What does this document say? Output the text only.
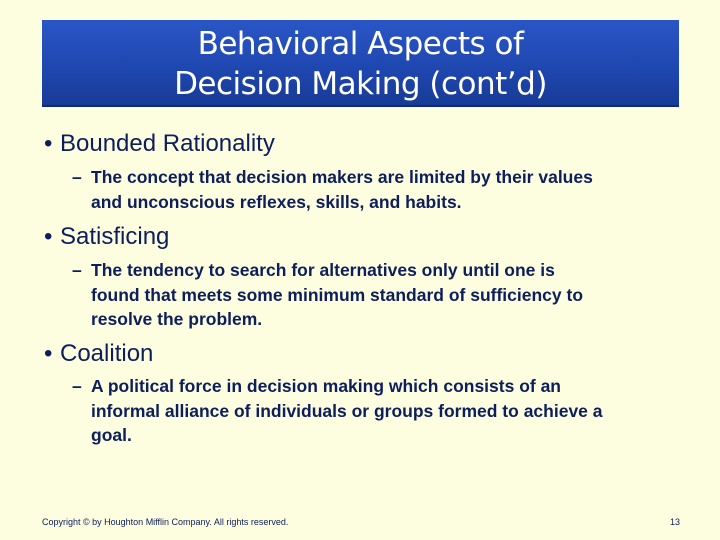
Behavioral Aspects of
Decision Making (cont’d)
• Bounded Rationality
– The concept that decision makers are limited by their values
and unconscious reflexes, skills, and habits.
• Satisficing
– The tendency to search for alternatives only until one is
found that meets some minimum standard of sufficiency to
resolve the problem.
• Coalition
– A political force in decision making which consists of an
informal alliance of individuals or groups formed to achieve a
goal.
Copyright © by Houghton Mifflin Company. All rights reserved.	13
